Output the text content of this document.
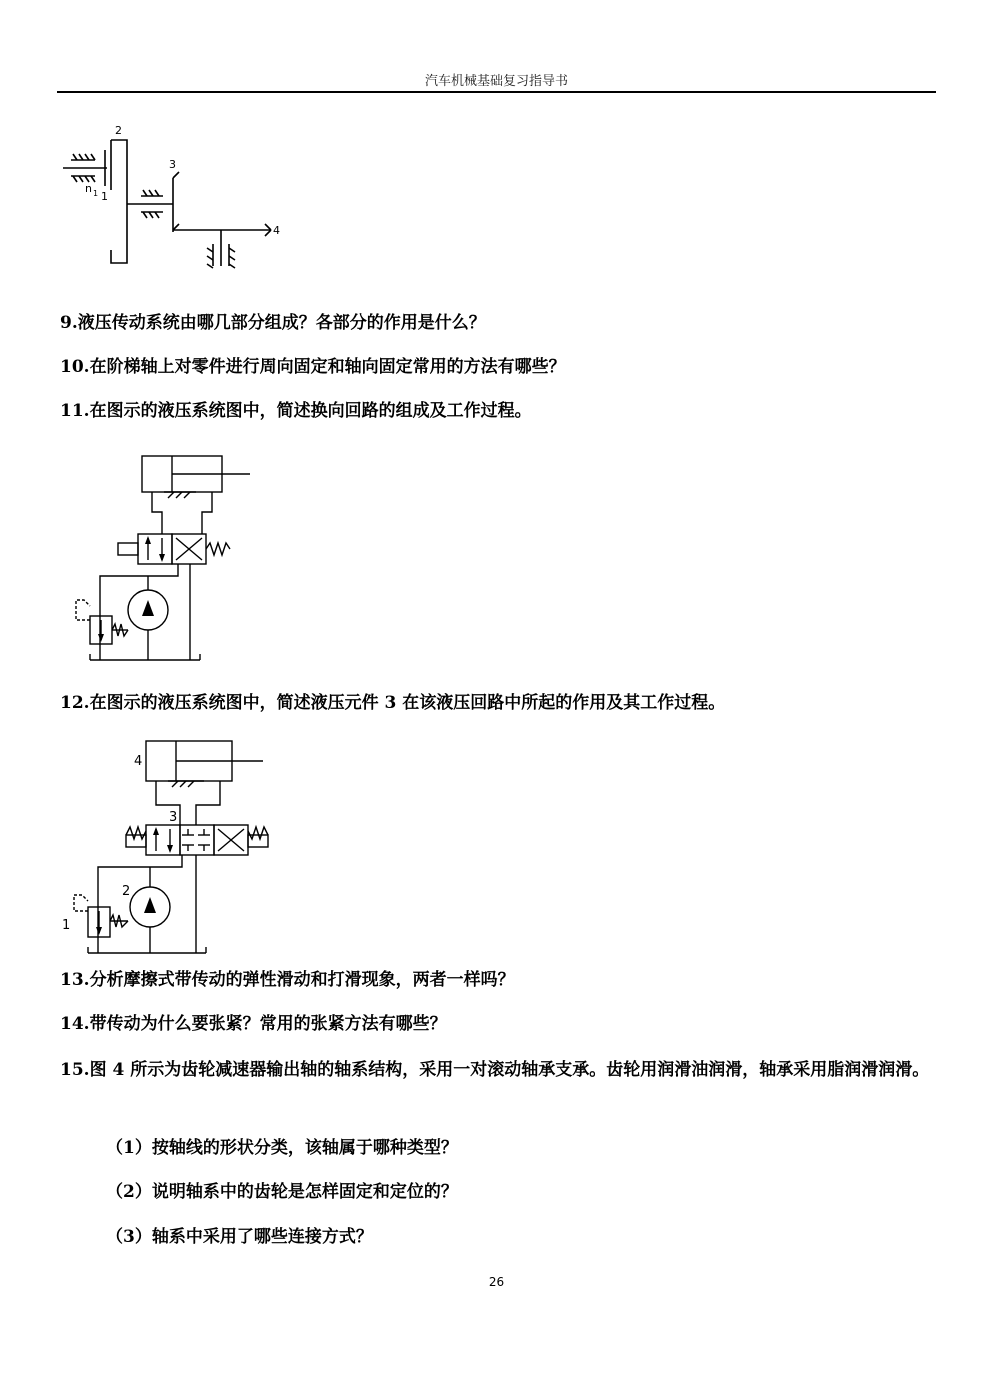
汽车机械基础复习指导书
2
3
n 1 1
4
9.液压传动系统由哪几部分组成？各部分的作用是什么？
10.在阶梯轴上对零件进行周向固定和轴向固定常用的方法有哪些？
11.在图示的液压系统图中，简述换向回路的组成及工作过程。
12.在图示的液压系统图中，简述液压元件 3 在该液压回路中所起的作用及其工作过程。
4
3
2
1
13.分析摩擦式带传动的弹性滑动和打滑现象，两者一样吗？
14.带传动为什么要张紧？常用的张紧方法有哪些？
15.图 4 所示为齿轮减速器输出轴的轴系结构，采用一对滚动轴承支承。齿轮用润滑油润滑，轴承采用脂润滑润滑。
（1）按轴线的形状分类，该轴属于哪种类型？
（2）说明轴系中的齿轮是怎样固定和定位的？
（3）轴系中采用了哪些连接方式？
26
